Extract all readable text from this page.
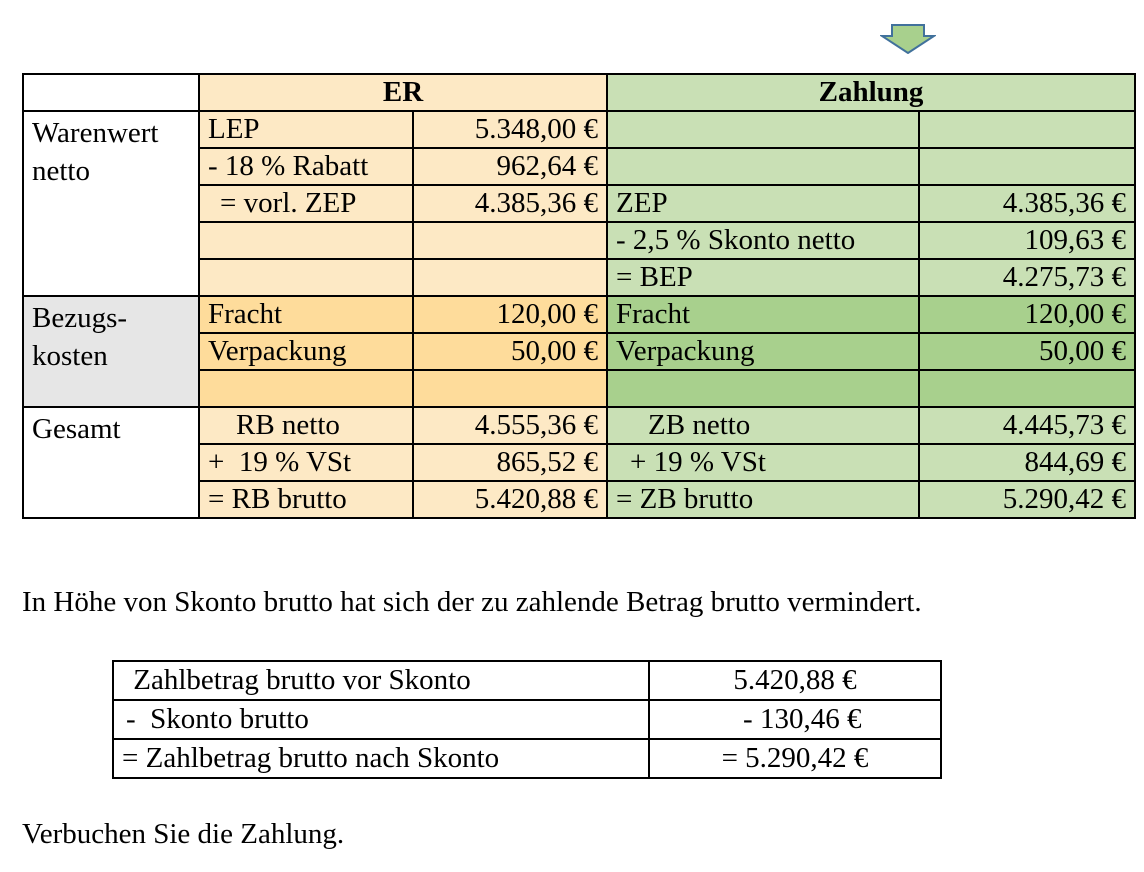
	ER		Zahlung	
Warenwert netto	LEP	5.348,00 €		
	- 18 % Rabatt	962,64 €		
	= vorl. ZEP	4.385,36 €	ZEP	4.385,36 €
			- 2,5 % Skonto netto	109,63 €
			= BEP	4.275,73 €
Bezugs- kosten	Fracht	120,00 €	Fracht	120,00 €
	Verpackung	50,00 €	Verpackung	50,00 €

Gesamt	RB netto	4.555,36 €	ZB netto	4.445,73 €
	+  19 % VSt	865,52 €	+ 19 % VSt	844,69 €
	= RB brutto	5.420,88 €	= ZB brutto	5.290,42 €

In Höhe von Skonto brutto hat sich der zu zahlende Betrag brutto vermindert.

Zahlbetrag brutto vor Skonto	5.420,88 €
-  Skonto brutto	- 130,46 €
= Zahlbetrag brutto nach Skonto	= 5.290,42 €

Verbuchen Sie die Zahlung.
